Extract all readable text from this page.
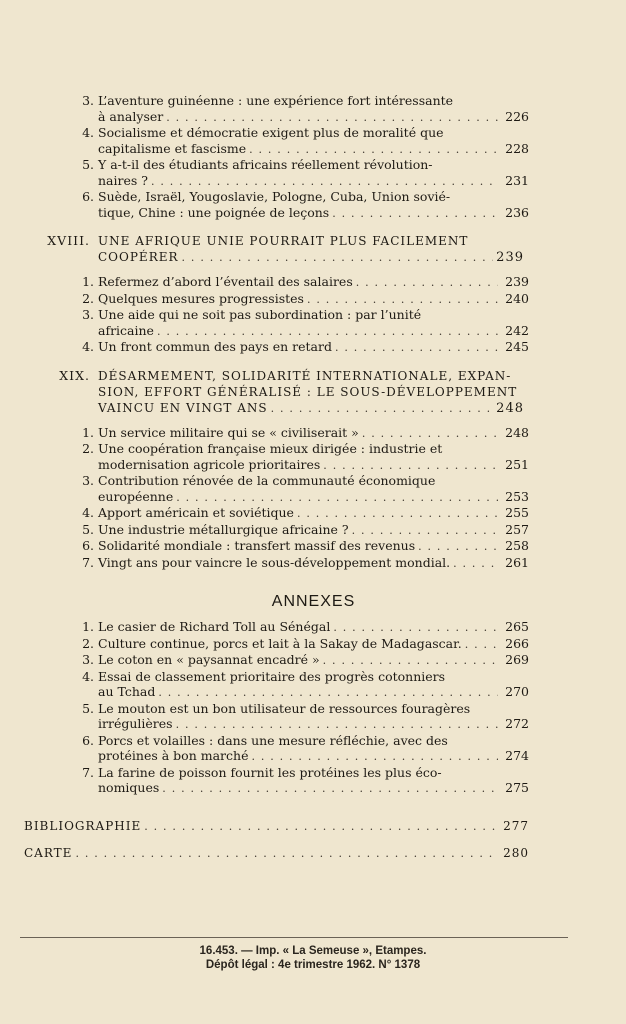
3. L’aventure guinéenne : une expérience fort intéressante
à analyser . . .	226
4. Socialisme et démocratie exigent plus de moralité que
capitalisme et fascisme . . .	228
5. Y a-t-il des étudiants africains réellement révolution-
naires ? . . .	231
6. Suède, Israël, Yougoslavie, Pologne, Cuba, Union sovié-
tique, Chine : une poignée de leçons . . .	236
XVIII. UNE AFRIQUE UNIE POURRAIT PLUS FACILEMENT
COOPÉRER . . .	239
1. Refermez d’abord l’éventail des salaires . . .	239
2. Quelques mesures progressistes . . .	240
3. Une aide qui ne soit pas subordination : par l’unité
africaine . . .	242
4. Un front commun des pays en retard . . .	245
XIX. DÉSARMEMENT, SOLIDARITÉ INTERNATIONALE, EXPAN-
SION, EFFORT GÉNÉRALISÉ : LE SOUS-DÉVELOPPEMENT
VAINCU EN VINGT ANS . . .	248
1. Un service militaire qui se « civiliserait » . . .	248
2. Une coopération française mieux dirigée : industrie et
modernisation agricole prioritaires . . .	251
3. Contribution rénovée de la communauté économique
européenne . . .	253
4. Apport américain et soviétique . . .	255
5. Une industrie métallurgique africaine ? . . .	257
6. Solidarité mondiale : transfert massif des revenus . . .	258
7. Vingt ans pour vaincre le sous-développement mondial. . . .	261
ANNEXES
1. Le casier de Richard Toll au Sénégal . . .	265
2. Culture continue, porcs et lait à la Sakay de Madagascar. . . .	266
3. Le coton en « paysannat encadré » . . .	269
4. Essai de classement prioritaire des progrès cotonniers
au Tchad . . .	270
5. Le mouton est un bon utilisateur de ressources fouragères
irrégulières . . .	272
6. Porcs et volailles : dans une mesure réfléchie, avec des
protéines à bon marché . . .	274
7. La farine de poisson fournit les protéines les plus éco-
nomiques . . .	275
BIBLIOGRAPHIE . . .	277
CARTE . . .	280
16.453. — Imp. « La Semeuse », Etampes.
Dépôt légal : 4e trimestre 1962. N° 1378
